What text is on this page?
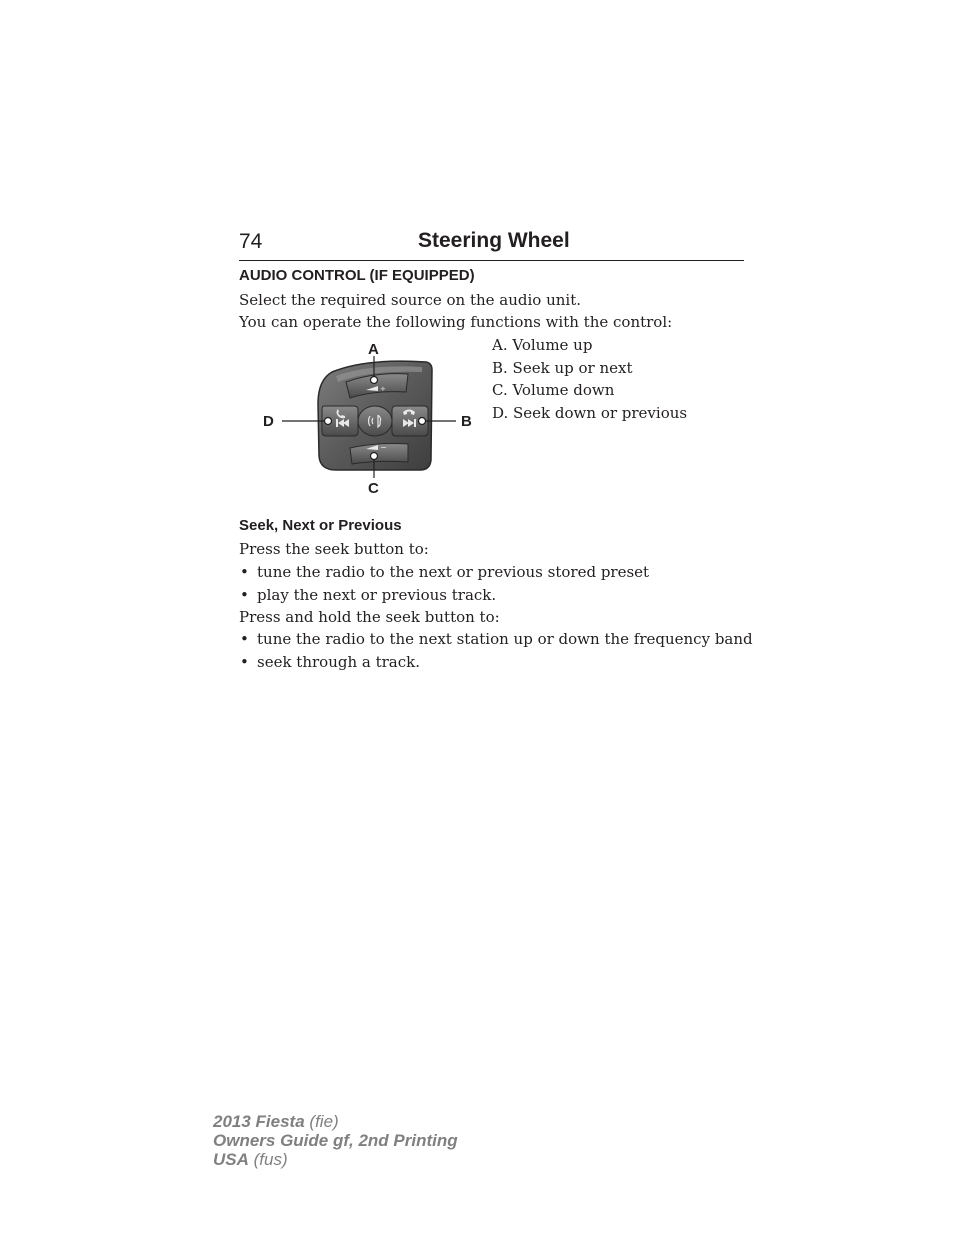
74	Steering Wheel
AUDIO CONTROL (IF EQUIPPED)
Select the required source on the audio unit.
You can operate the following functions with the control:
+
−
A
B
C
D
A. Volume up
B. Seek up or next
C. Volume down
D. Seek down or previous
Seek, Next or Previous
Press the seek button to:
• tune the radio to the next or previous stored preset
• play the next or previous track.
Press and hold the seek button to:
• tune the radio to the next station up or down the frequency band
• seek through a track.
2013 Fiesta (fie)
Owners Guide gf, 2nd Printing
USA (fus)
